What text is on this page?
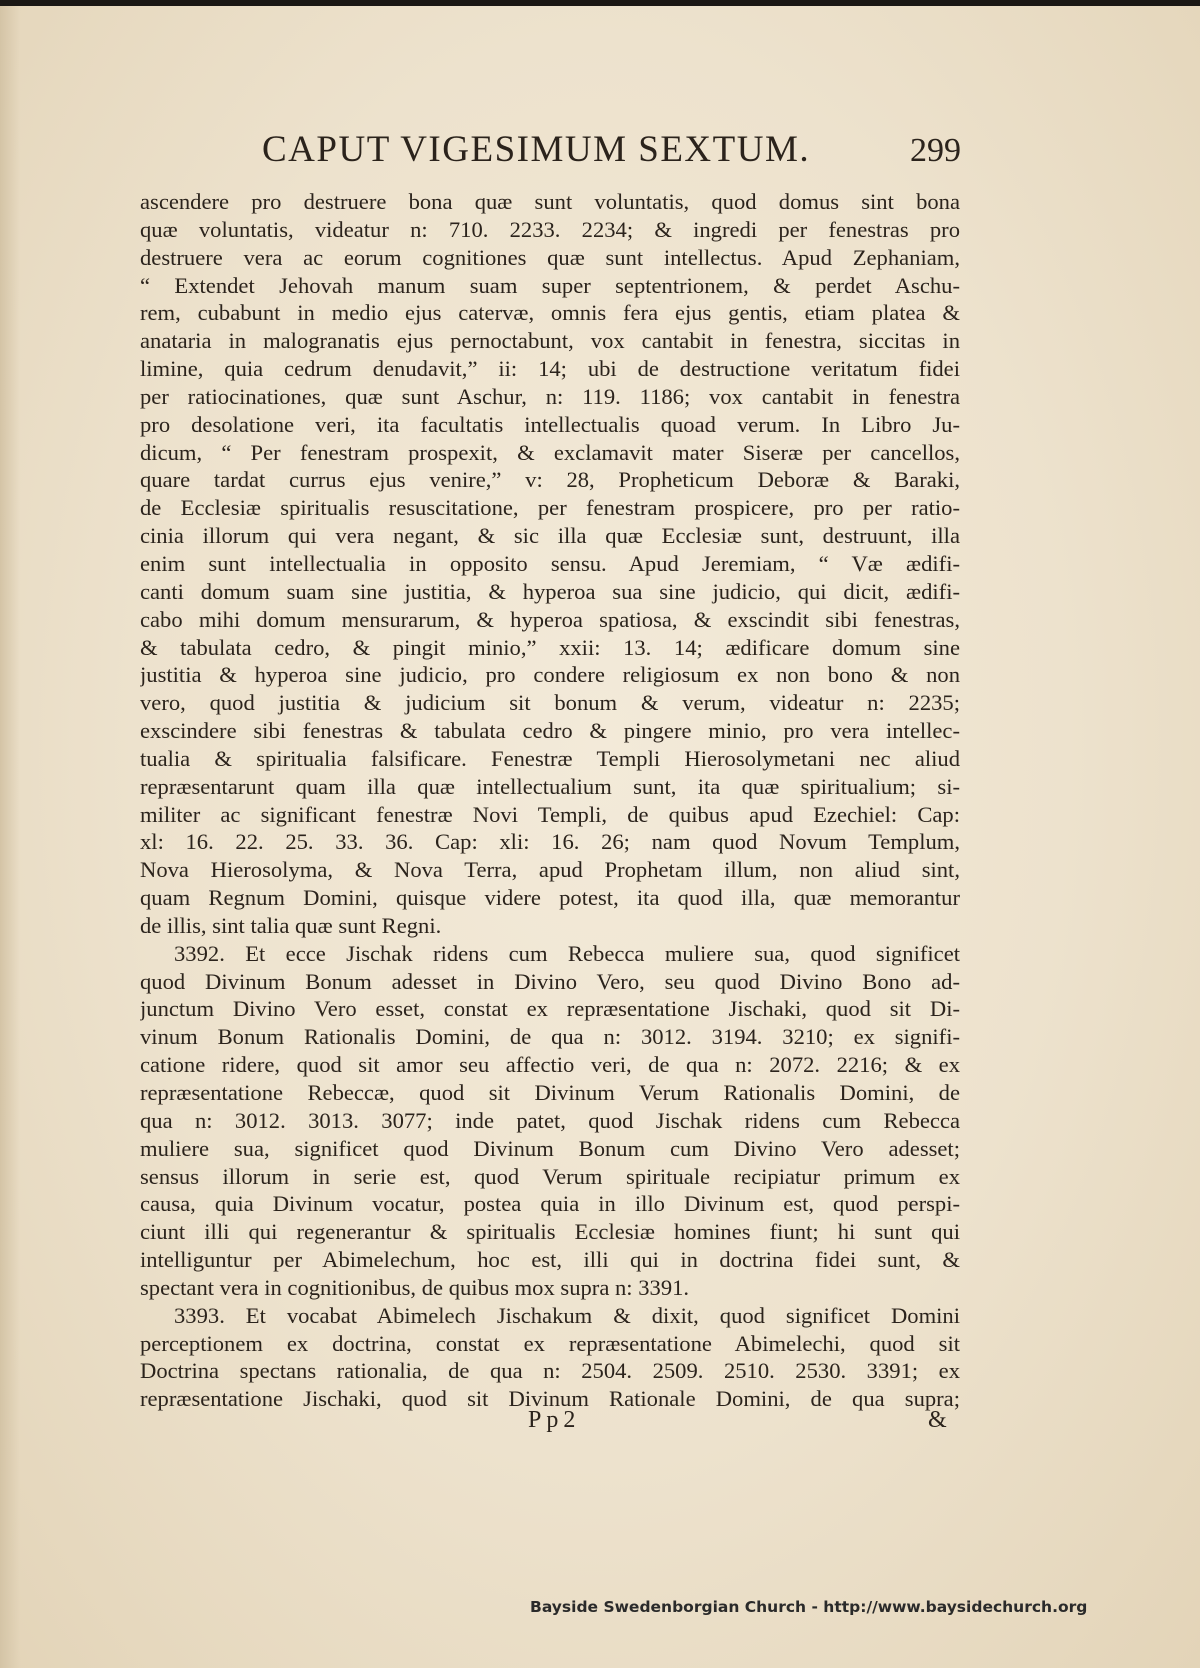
CAPUT VIGESIMUM SEXTUM.	299
ascendere pro destruere bona quæ sunt voluntatis, quod domus sint bona
quæ voluntatis, videatur n: 710. 2233. 2234; & ingredi per fenestras pro
destruere vera ac eorum cognitiones quæ sunt intellectus. Apud Zephaniam,
“ Extendet Jehovah manum suam super septentrionem, & perdet Aschu-
rem, cubabunt in medio ejus catervæ, omnis fera ejus gentis, etiam platea &
anataria in malogranatis ejus pernoctabunt, vox cantabit in fenestra, siccitas in
limine, quia cedrum denudavit,” ii: 14; ubi de destructione veritatum fidei
per ratiocinationes, quæ sunt Aschur, n: 119. 1186; vox cantabit in fenestra
pro desolatione veri, ita facultatis intellectualis quoad verum. In Libro Ju-
dicum, “ Per fenestram prospexit, & exclamavit mater Siseræ per cancellos,
quare tardat currus ejus venire,” v: 28, Propheticum Deboræ & Baraki,
de Ecclesiæ spiritualis resuscitatione, per fenestram prospicere, pro per ratio-
cinia illorum qui vera negant, & sic illa quæ Ecclesiæ sunt, destruunt, illa
enim sunt intellectualia in opposito sensu. Apud Jeremiam, “ Væ ædifi-
canti domum suam sine justitia, & hyperoa sua sine judicio, qui dicit, ædifi-
cabo mihi domum mensurarum, & hyperoa spatiosa, & exscindit sibi fenestras,
& tabulata cedro, & pingit minio,” xxii: 13. 14; ædificare domum sine
justitia & hyperoa sine judicio, pro condere religiosum ex non bono & non
vero, quod justitia & judicium sit bonum & verum, videatur n: 2235;
exscindere sibi fenestras & tabulata cedro & pingere minio, pro vera intellec-
tualia & spiritualia falsificare. Fenestræ Templi Hierosolymetani nec aliud
repræsentarunt quam illa quæ intellectualium sunt, ita quæ spiritualium; si-
militer ac significant fenestræ Novi Templi, de quibus apud Ezechiel: Cap:
xl: 16. 22. 25. 33. 36. Cap: xli: 16. 26; nam quod Novum Templum,
Nova Hierosolyma, & Nova Terra, apud Prophetam illum, non aliud sint,
quam Regnum Domini, quisque videre potest, ita quod illa, quæ memorantur
de illis, sint talia quæ sunt Regni.
3392. Et ecce Jischak ridens cum Rebecca muliere sua, quod significet
quod Divinum Bonum adesset in Divino Vero, seu quod Divino Bono ad-
junctum Divino Vero esset, constat ex repræsentatione Jischaki, quod sit Di-
vinum Bonum Rationalis Domini, de qua n: 3012. 3194. 3210; ex signifi-
catione ridere, quod sit amor seu affectio veri, de qua n: 2072. 2216; & ex
repræsentatione Rebeccæ, quod sit Divinum Verum Rationalis Domini, de
qua n: 3012. 3013. 3077; inde patet, quod Jischak ridens cum Rebecca
muliere sua, significet quod Divinum Bonum cum Divino Vero adesset;
sensus illorum in serie est, quod Verum spirituale recipiatur primum ex
causa, quia Divinum vocatur, postea quia in illo Divinum est, quod perspi-
ciunt illi qui regenerantur & spiritualis Ecclesiæ homines fiunt; hi sunt qui
intelliguntur per Abimelechum, hoc est, illi qui in doctrina fidei sunt, &
spectant vera in cognitionibus, de quibus mox supra n: 3391.
3393. Et vocabat Abimelech Jischakum & dixit, quod significet Domini
perceptionem ex doctrina, constat ex repræsentatione Abimelechi, quod sit
Doctrina spectans rationalia, de qua n: 2504. 2509. 2510. 2530. 3391; ex
repræsentatione Jischaki, quod sit Divinum Rationale Domini, de qua supra;
Pp2	&
Bayside Swedenborgian Church - http://www.baysidechurch.org
